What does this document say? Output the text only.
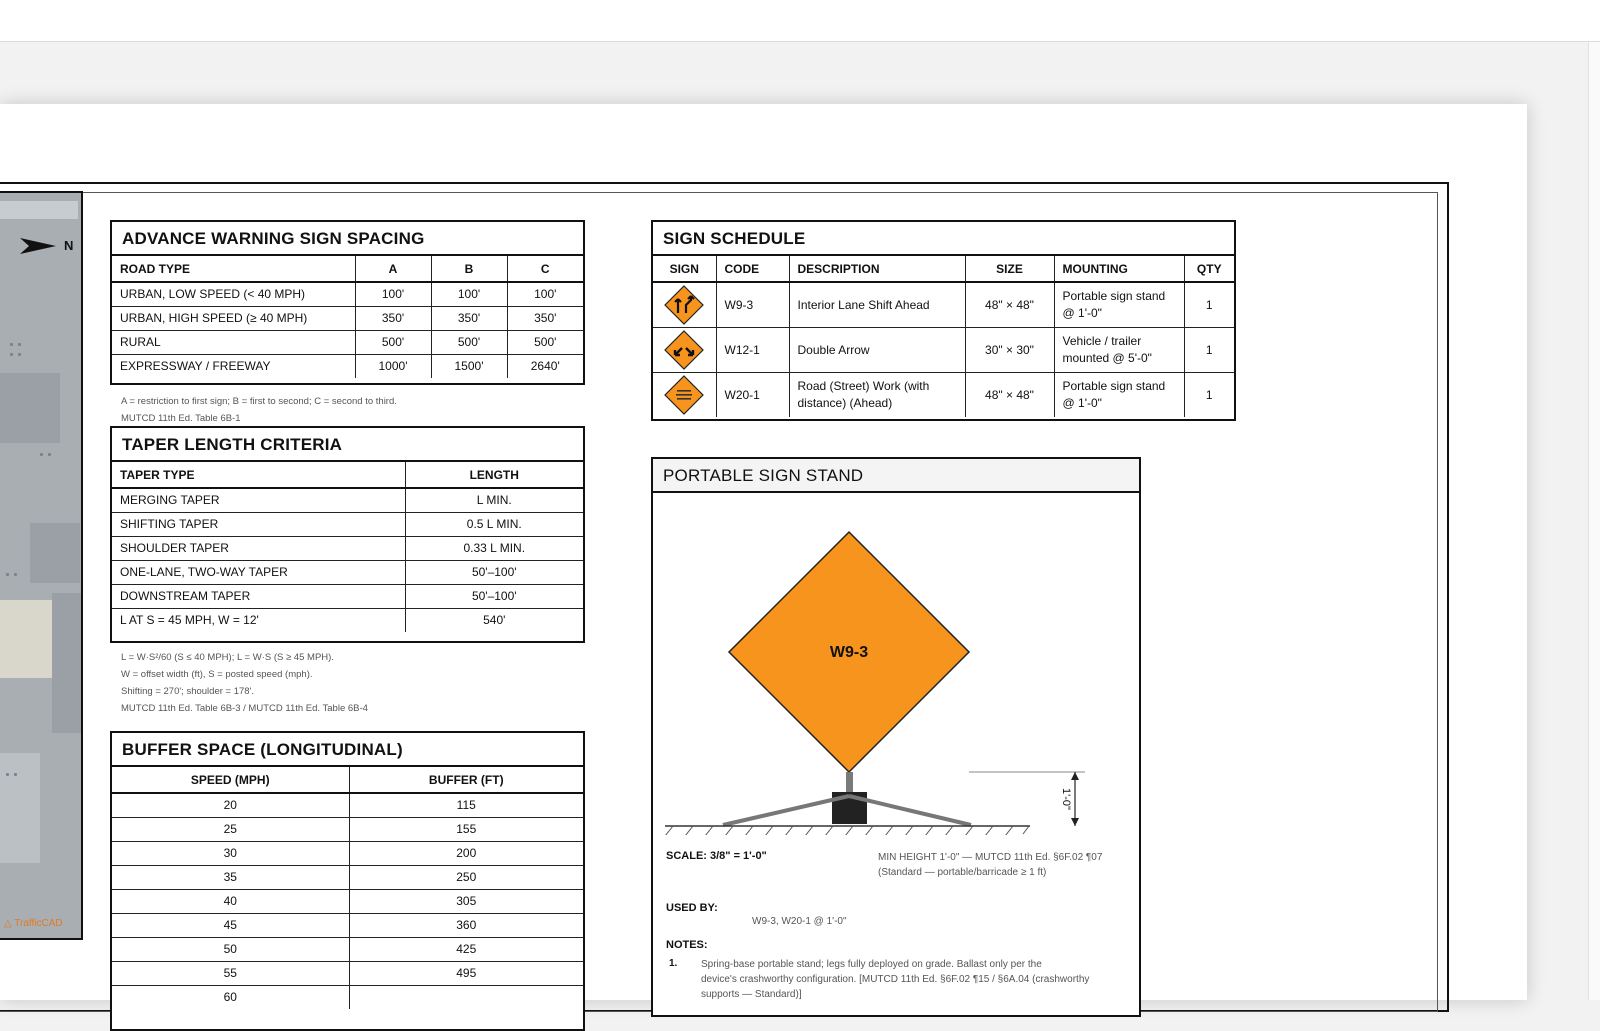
N
△ TrafficCAD
ADVANCE WARNING SIGN SPACING
ROAD TYPE	A	B	C
URBAN, LOW SPEED (< 40 MPH)	100'	100'	100'
URBAN, HIGH SPEED (≥ 40 MPH)	350'	350'	350'
RURAL	500'	500'	500'
EXPRESSWAY / FREEWAY	1000'	1500'	2640'
A = restriction to first sign; B = first to second; C = second to third.
MUTCD 11th Ed. Table 6B-1
TAPER LENGTH CRITERIA
TAPER TYPE	LENGTH
MERGING TAPER	L MIN.
SHIFTING TAPER	0.5 L MIN.
SHOULDER TAPER	0.33 L MIN.
ONE-LANE, TWO-WAY TAPER	50'–100'
DOWNSTREAM TAPER	50'–100'
L AT S = 45 MPH, W = 12'	540'
L = W·S²/60 (S ≤ 40 MPH); L = W·S (S ≥ 45 MPH).
W = offset width (ft), S = posted speed (mph).
Shifting = 270'; shoulder = 178'.
MUTCD 11th Ed. Table 6B-3 / MUTCD 11th Ed. Table 6B-4
BUFFER SPACE (LONGITUDINAL)
SPEED (MPH)	BUFFER (FT)
20	115
25	155
30	200
35	250
40	305
45	360
50	425
55	495
60	
SIGN SCHEDULE
SIGN	CODE	DESCRIPTION	SIZE	MOUNTING	QTY

	W9-3	Interior Lane Shift Ahead	48" × 48"	Portable sign stand @ 1'-0"	1

	W12-1	Double Arrow	30" × 30"	Vehicle / trailer mounted @ 5'-0"	1

	W20-1	Road (Street) Work (with distance) (Ahead)	48" × 48"	Portable sign stand @ 1'-0"	1
PORTABLE SIGN STAND
W9-3
1'-0"
SCALE: 3/8" = 1'-0"	MIN HEIGHT 1'-0" — MUTCD 11th Ed. §6F.02 ¶07
(Standard — portable/barricade ≥ 1 ft)
USED BY:
W9-3, W20-1 @ 1'-0"
NOTES:
1. Spring-base portable stand; legs fully deployed on grade. Ballast only per the
device's crashworthy configuration. [MUTCD 11th Ed. §6F.02 ¶15 / §6A.04 (crashworthy
supports — Standard)]
